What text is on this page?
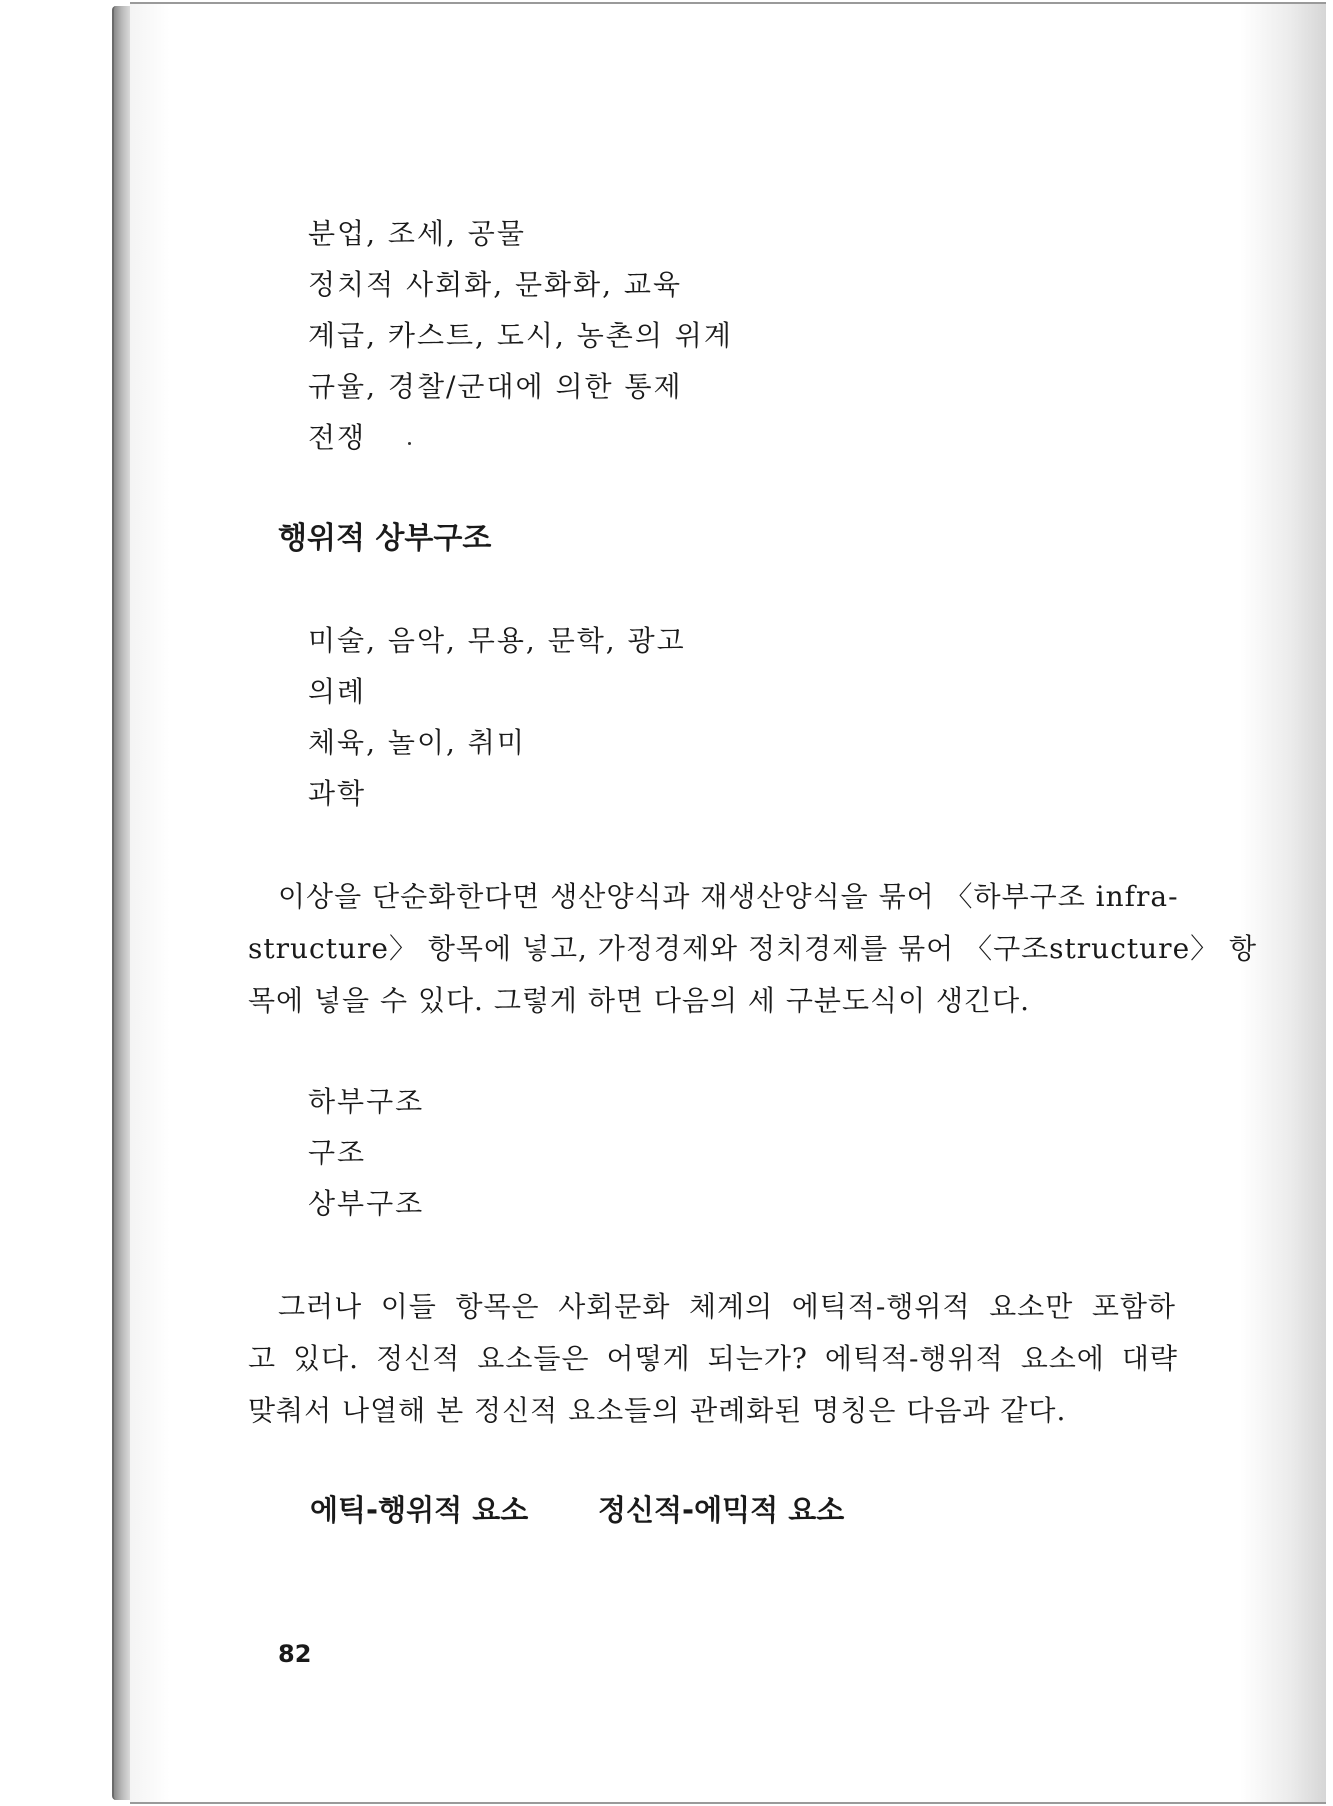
분업, 조세, 공물
정치적 사회화, 문화화, 교육
계급, 카스트, 도시, 농촌의 위계
규율, 경찰/군대에 의한 통제
전쟁
행위적 상부구조
미술, 음악, 무용, 문학, 광고
의례
체육, 놀이, 취미
과학
이상을 단순화한다면 생산양식과 재생산양식을 묶어 〈하부구조 infra-
structure〉 항목에 넣고, 가정경제와 정치경제를 묶어 〈구조structure〉 항
목에 넣을 수 있다. 그렇게 하면 다음의 세 구분도식이 생긴다.
하부구조
구조
상부구조
그러나 이들 항목은 사회문화 체계의 에틱적-행위적 요소만 포함하
고 있다. 정신적 요소들은 어떻게 되는가? 에틱적-행위적 요소에 대략
맞춰서 나열해 본 정신적 요소들의 관례화된 명칭은 다음과 같다.
에틱-행위적 요소 정신적-에믹적 요소
82
